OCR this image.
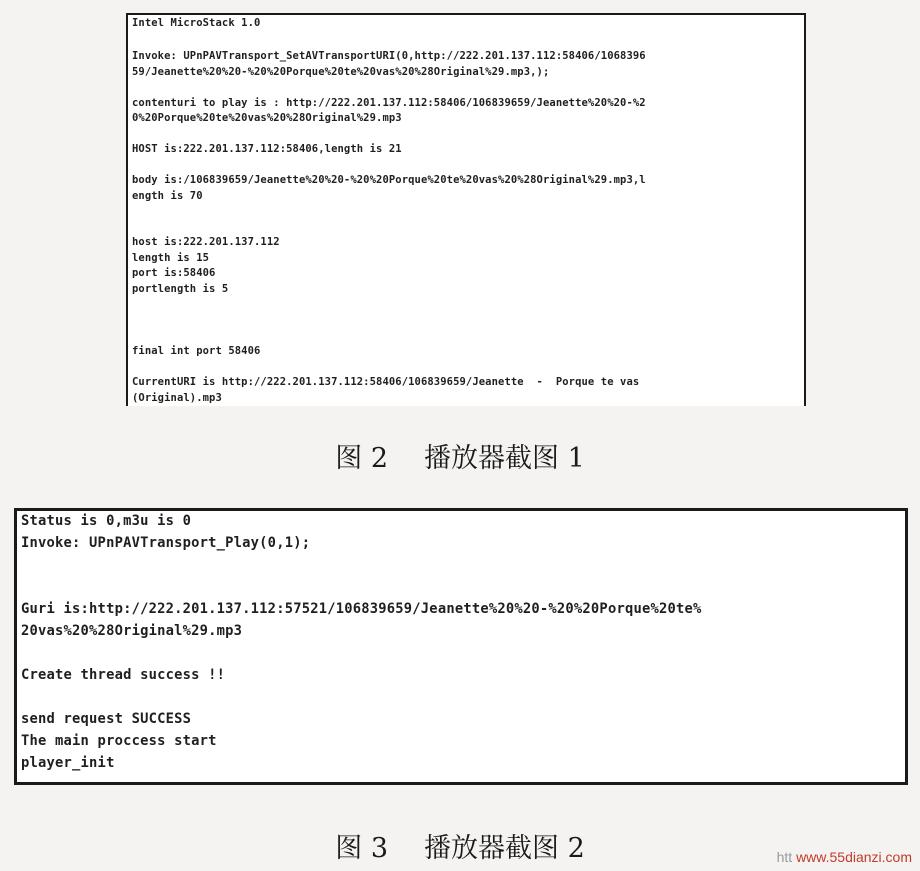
Intel MicroStack 1.0
Invoke: UPnPAVTransport_SetAVTransportURI(0,http://222.201.137.112:58406/1068396
59/Jeanette%20%20-%20%20Porque%20te%20vas%20%28Original%29.mp3,);
contenturi to play is : http://222.201.137.112:58406/106839659/Jeanette%20%20-%2
0%20Porque%20te%20vas%20%28Original%29.mp3
HOST is:222.201.137.112:58406,length is 21
body is:/106839659/Jeanette%20%20-%20%20Porque%20te%20vas%20%28Original%29.mp3,l
ength is 70
host is:222.201.137.112
length is 15
port is:58406
portlength is 5
final int port 58406
CurrentURI is http://222.201.137.112:58406/106839659/Jeanette  -  Porque te vas
(Original).mp3
图 2 播放器截图 1
Status is 0,m3u is 0
Invoke: UPnPAVTransport_Play(0,1);
Guri is:http://222.201.137.112:57521/106839659/Jeanette%20%20-%20%20Porque%20te%
20vas%20%28Original%29.mp3
Create thread success !!
send request SUCCESS
The main proccess start
player_init
图 3 播放器截图 2	htt www.55dianzi.com
